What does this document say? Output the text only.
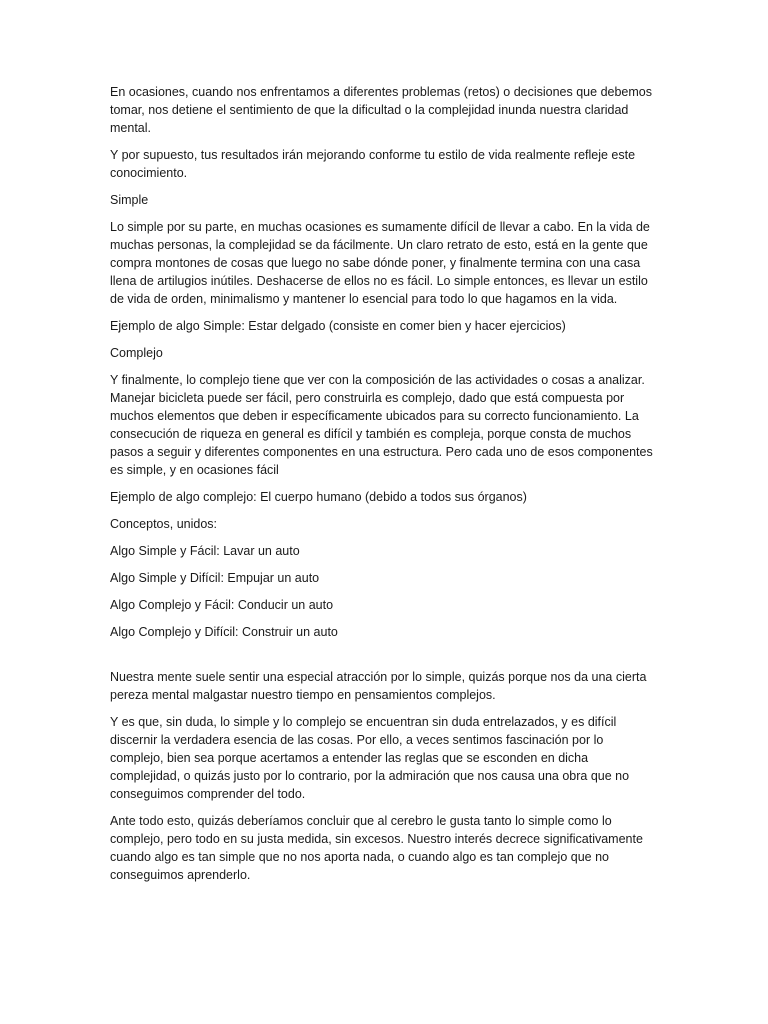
En ocasiones, cuando nos enfrentamos a diferentes problemas (retos) o decisiones que debemos tomar, nos detiene el sentimiento de que la dificultad o la complejidad inunda nuestra claridad mental.

Y por supuesto, tus resultados irán mejorando conforme tu estilo de vida realmente refleje este conocimiento.

Simple

Lo simple por su parte, en muchas ocasiones es sumamente difícil de llevar a cabo. En la vida de muchas personas, la complejidad se da fácilmente. Un claro retrato de esto, está en la gente que compra montones de cosas que luego no sabe dónde poner, y finalmente termina con una casa llena de artilugios inútiles. Deshacerse de ellos no es fácil. Lo simple entonces, es llevar un estilo de vida de orden, minimalismo y mantener lo esencial para todo lo que hagamos en la vida.

Ejemplo de algo Simple: Estar delgado (consiste en comer bien y hacer ejercicios)

Complejo

Y finalmente, lo complejo tiene que ver con la composición de las actividades o cosas a analizar. Manejar bicicleta puede ser fácil, pero construirla es complejo, dado que está compuesta por muchos elementos que deben ir específicamente ubicados para su correcto funcionamiento. La consecución de riqueza en general es difícil y también es compleja, porque consta de muchos pasos a seguir y diferentes componentes en una estructura. Pero cada uno de esos componentes es simple, y en ocasiones fácil

Ejemplo de algo complejo: El cuerpo humano (debido a todos sus órganos)

Conceptos, unidos:

Algo Simple y Fácil: Lavar un auto

Algo Simple y Difícil: Empujar un auto

Algo Complejo y Fácil: Conducir un auto

Algo Complejo y Difícil: Construir un auto

Nuestra mente suele sentir una especial atracción por lo simple, quizás porque nos da una cierta pereza mental malgastar nuestro tiempo en pensamientos complejos.

Y es que, sin duda, lo simple y lo complejo se encuentran sin duda entrelazados, y es difícil discernir la verdadera esencia de las cosas. Por ello, a veces sentimos fascinación por lo complejo, bien sea porque acertamos a entender las reglas que se esconden en dicha complejidad, o quizás justo por lo contrario, por la admiración que nos causa una obra que no conseguimos comprender del todo.

Ante todo esto, quizás deberíamos concluir que al cerebro le gusta tanto lo simple como lo complejo, pero todo en su justa medida, sin excesos. Nuestro interés decrece significativamente cuando algo es tan simple que no nos aporta nada, o cuando algo es tan complejo que no conseguimos aprenderlo.
